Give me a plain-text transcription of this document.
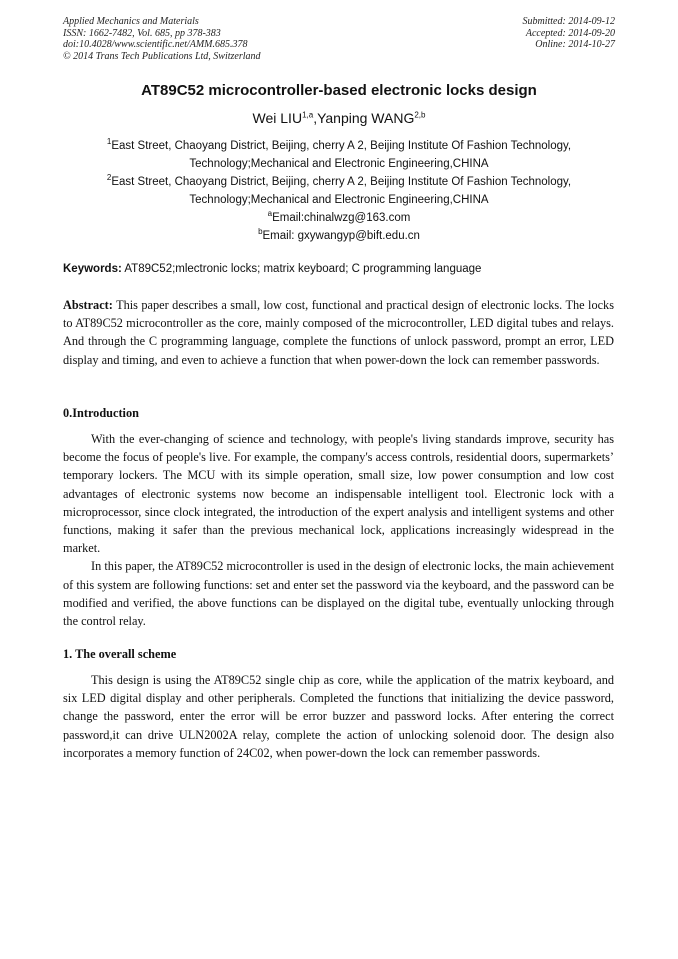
Applied Mechanics and Materials
ISSN: 1662-7482, Vol. 685, pp 378-383
doi:10.4028/www.scientific.net/AMM.685.378
© 2014 Trans Tech Publications Ltd, Switzerland
Submitted: 2014-09-12
Accepted: 2014-09-20
Online: 2014-10-27
AT89C52 microcontroller-based electronic locks design
Wei LIU$^{1,a}$,Yanping WANG$^{2,b}$
$^1$East Street, Chaoyang District, Beijing, cherry A 2, Beijing Institute Of Fashion Technology,
Technology;Mechanical and Electronic Engineering,CHINA
$^2$East Street, Chaoyang District, Beijing, cherry A 2, Beijing Institute Of Fashion Technology,
Technology;Mechanical and Electronic Engineering,CHINA
$^a$Email:chinalwzg@163.com
$^b$Email: gxywangyp@bift.edu.cn
Keywords: AT89C52;mlectronic locks; matrix keyboard; C programming language

Abstract: This paper describes a small, low cost, functional and practical design of electronic locks. The locks to AT89C52 microcontroller as the core, mainly composed of the microcontroller, LED digital tubes and relays. And through the C programming language, complete the functions of unlock password, prompt an error, LED display and timing, and even to achieve a function that when power-down the lock can remember passwords.

0.Introduction

With the ever-changing of science and technology, with people's living standards improve, security has become the focus of people's live. For example, the company's access controls, residential doors, supermarkets’ temporary lockers. The MCU with its simple operation, small size, low power consumption and low cost advantages of electronic systems now become an indispensable intelligent tool. Electronic lock with a microprocessor, since clock integrated, the introduction of the expert analysis and intelligent systems and other functions, making it safer than the previous mechanical lock, applications increasingly widespread in the market.

In this paper, the AT89C52 microcontroller is used in the design of electronic locks, the main achievement of this system are following functions: set and enter set the password via the keyboard, and the password can be modified and verified, the above functions can be displayed on the digital tube, eventually unlocking through the control relay.

1. The overall scheme

This design is using the AT89C52 single chip as core, while the application of the matrix keyboard, and six LED digital display and other peripherals. Completed the functions that initializing the device password, change the password, enter the error will be error buzzer and password locks. After entering the correct password,it can drive ULN2002A relay, complete the action of unlocking solenoid door. The design also incorporates a memory function of 24C02, when power-down the lock can remember passwords.
